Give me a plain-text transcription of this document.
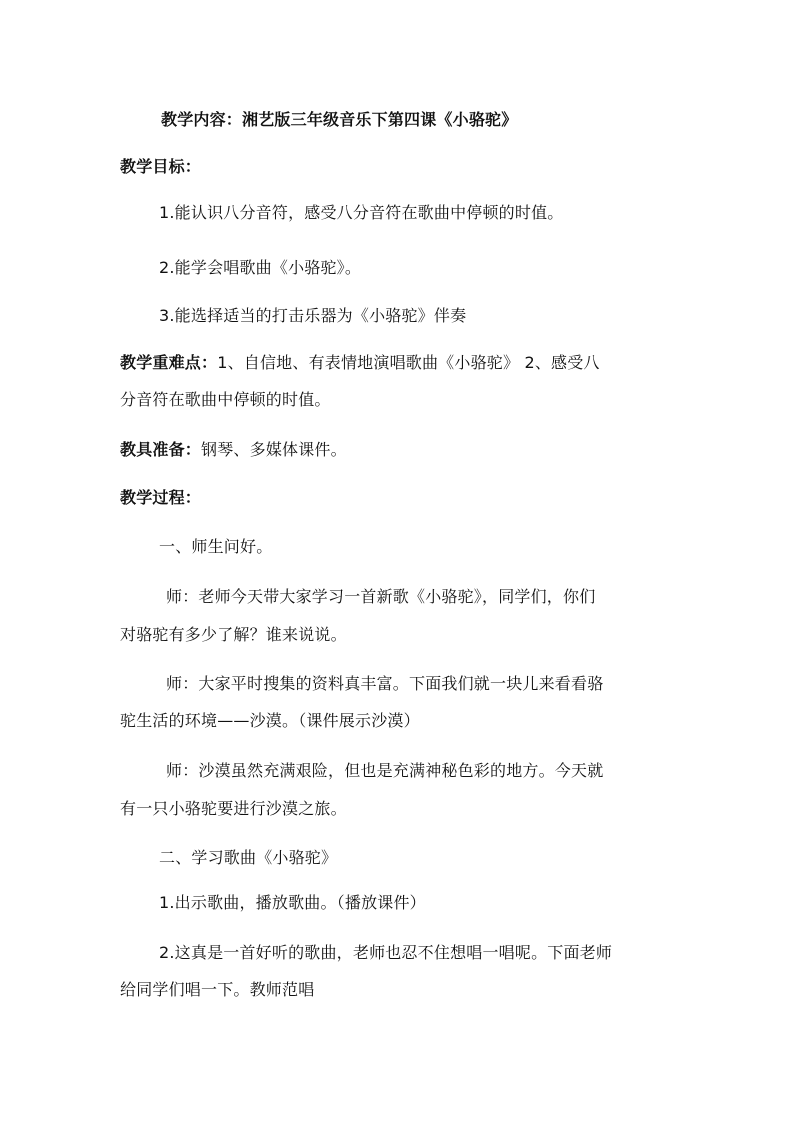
教学内容：湘艺版三年级音乐下第四课《小骆驼》
教学目标：
1.能认识八分音符，感受八分音符在歌曲中停顿的时值。
2.能学会唱歌曲《小骆驼》。
3.能选择适当的打击乐器为《小骆驼》伴奏
教学重难点：1、自信地、有表情地演唱歌曲《小骆驼》 2、感受八
分音符在歌曲中停顿的时值。
教具准备：钢琴、多媒体课件。
教学过程：
一、师生问好。
师：老师今天带大家学习一首新歌《小骆驼》，同学们，你们
对骆驼有多少了解？谁来说说。
师：大家平时搜集的资料真丰富。下面我们就一块儿来看看骆
驼生活的环境——沙漠。（课件展示沙漠）
师：沙漠虽然充满艰险，但也是充满神秘色彩的地方。今天就
有一只小骆驼要进行沙漠之旅。
二、学习歌曲《小骆驼》
1.出示歌曲，播放歌曲。（播放课件）
2.这真是一首好听的歌曲，老师也忍不住想唱一唱呢。下面老师
给同学们唱一下。教师范唱
